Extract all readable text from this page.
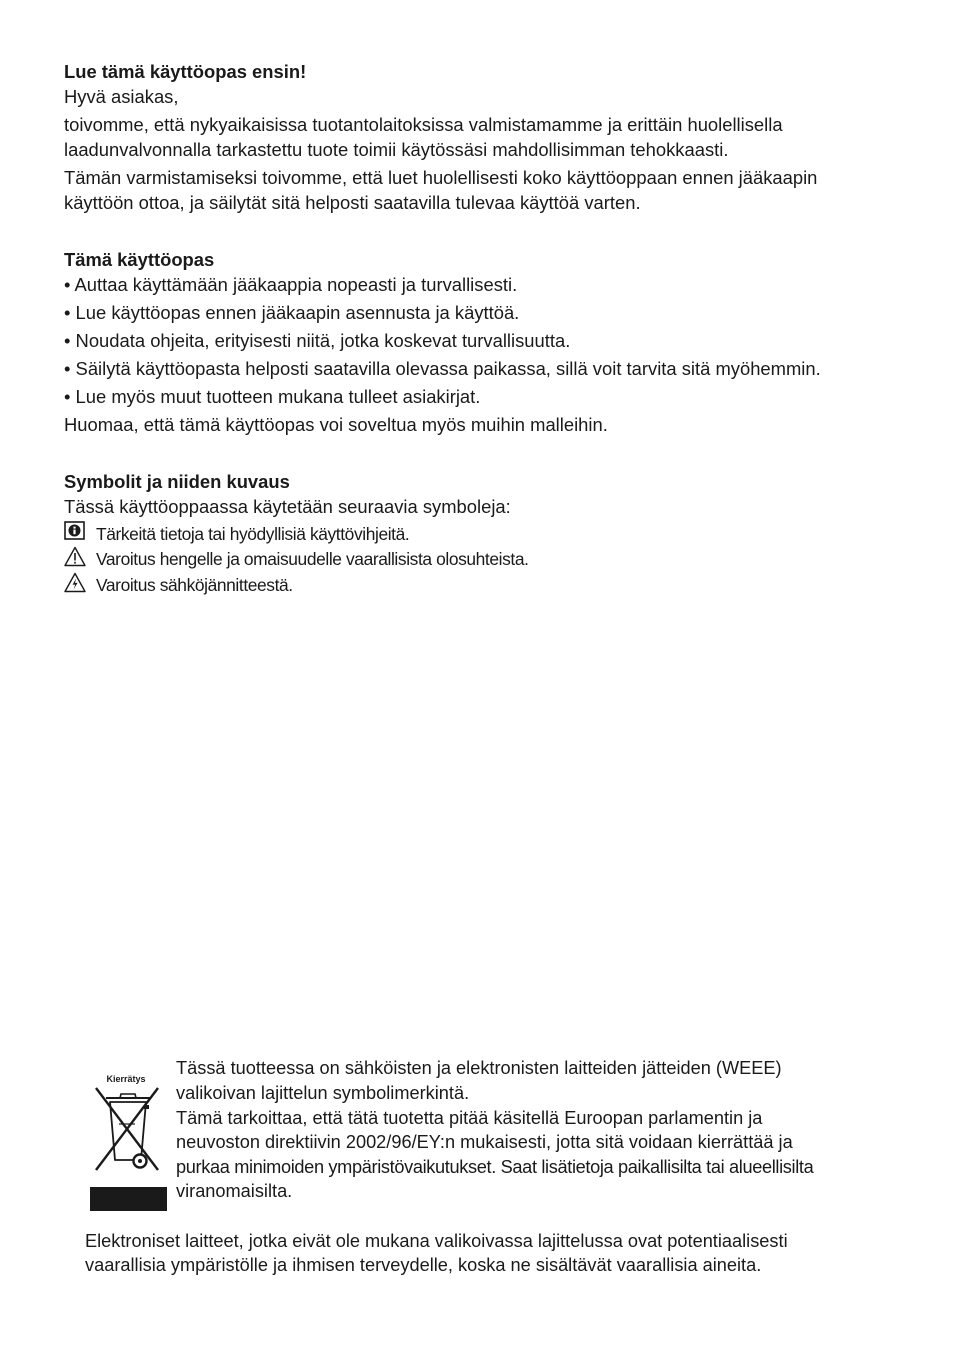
Lue tämä käyttöopas ensin!
Hyvä asiakas,
toivomme, että nykyaikaisissa tuotantolaitoksissa valmistamamme ja erittäin huolellisella
laadunvalvonnalla tarkastettu tuote toimii käytössäsi mahdollisimman tehokkaasti.
Tämän varmistamiseksi toivomme, että luet huolellisesti koko käyttöoppaan ennen jääkaapin
käyttöön ottoa, ja säilytät sitä helposti saatavilla tulevaa käyttöä varten.
Tämä käyttöopas
• Auttaa käyttämään jääkaappia nopeasti ja turvallisesti.
• Lue käyttöopas ennen jääkaapin asennusta ja käyttöä.
• Noudata ohjeita, erityisesti niitä, jotka koskevat turvallisuutta.
• Säilytä käyttöopasta helposti saatavilla olevassa paikassa, sillä voit tarvita sitä myöhemmin.
• Lue myös muut tuotteen mukana tulleet asiakirjat.
Huomaa, että tämä käyttöopas voi soveltua myös muihin malleihin.
Symbolit ja niiden kuvaus
Tässä käyttöoppaassa käytetään seuraavia symboleja:
Tärkeitä tietoja tai hyödyllisiä käyttövihjeitä.
Varoitus hengelle ja omaisuudelle vaarallisista olosuhteista.
Varoitus sähköjännitteestä.
Kierrätys
Tässä tuotteessa on sähköisten ja elektronisten laitteiden jätteiden (WEEE)
valikoivan lajittelun symbolimerkintä.
Tämä tarkoittaa, että tätä tuotetta pitää käsitellä Euroopan parlamentin ja
neuvoston direktiivin 2002/96/EY:n mukaisesti, jotta sitä voidaan kierrättää ja
purkaa minimoiden ympäristövaikutukset. Saat lisätietoja paikallisilta tai alueellisilta
viranomaisilta.
Elektroniset laitteet, jotka eivät ole mukana valikoivassa lajittelussa ovat potentiaalisesti
vaarallisia ympäristölle ja ihmisen terveydelle, koska ne sisältävät vaarallisia aineita.
